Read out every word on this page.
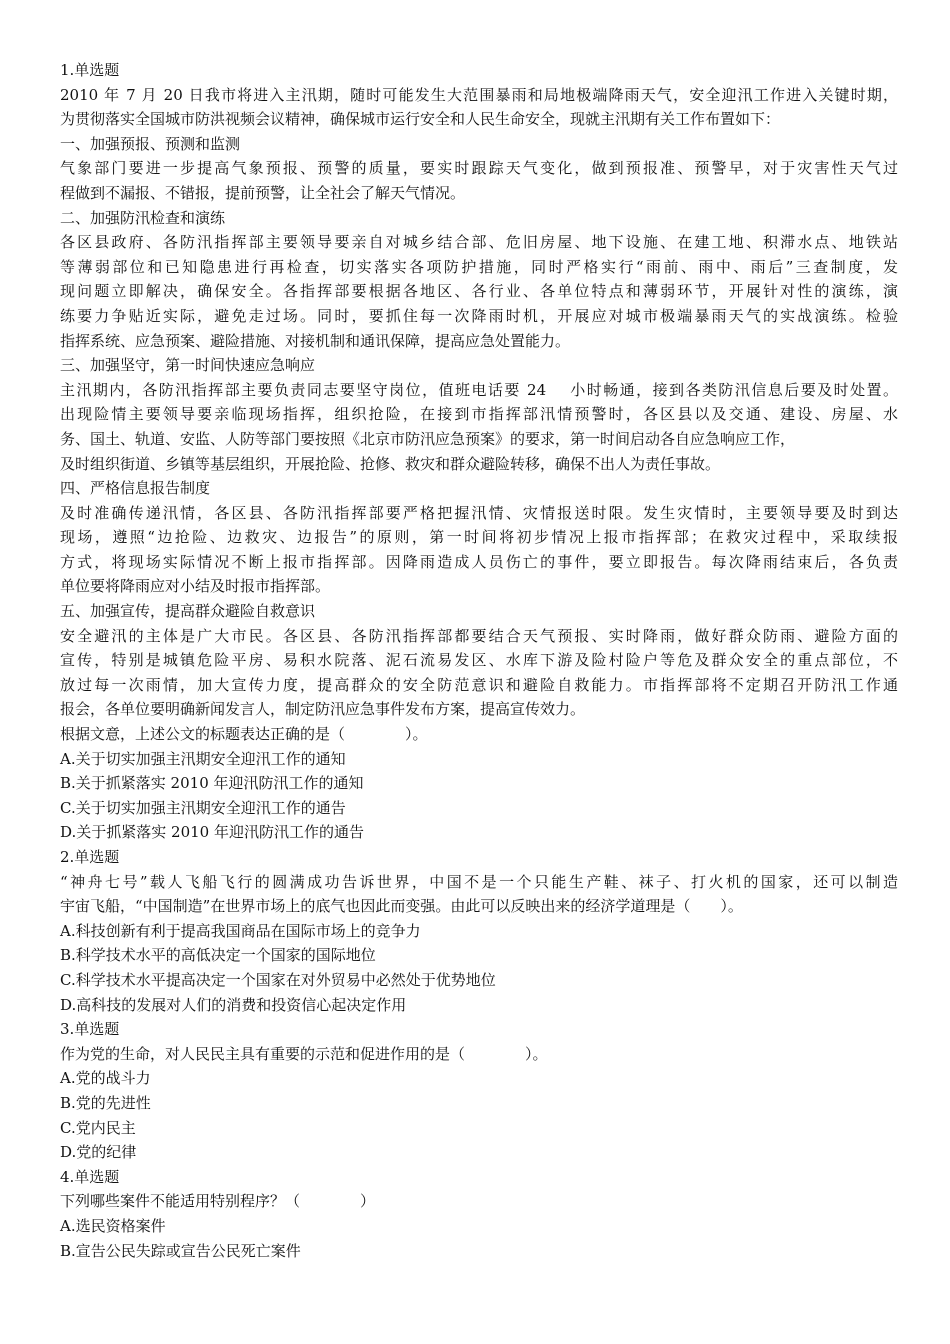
1.单选题
2010 年 7 月 20 日我市将进入主汛期，随时可能发生大范围暴雨和局地极端降雨天气，安全迎汛工作进入关键时期，
为贯彻落实全国城市防洪视频会议精神，确保城市运行安全和人民生命安全，现就主汛期有关工作布置如下：
一、加强预报、预测和监测
气象部门要进一步提高气象预报、预警的质量，要实时跟踪天气变化，做到预报准、预警早，对于灾害性天气过
程做到不漏报、不错报，提前预警，让全社会了解天气情况。
二、加强防汛检查和演练
各区县政府、各防汛指挥部主要领导要亲自对城乡结合部、危旧房屋、地下设施、在建工地、积滞水点、地铁站
等薄弱部位和已知隐患进行再检查，切实落实各项防护措施，同时严格实行“雨前、雨中、雨后”三查制度，发
现问题立即解决，确保安全。各指挥部要根据各地区、各行业、各单位特点和薄弱环节，开展针对性的演练，演
练要力争贴近实际，避免走过场。同时，要抓住每一次降雨时机，开展应对城市极端暴雨天气的实战演练。检验
指挥系统、应急预案、避险措施、对接机制和通讯保障，提高应急处置能力。
三、加强坚守，第一时间快速应急响应
主汛期内，各防汛指挥部主要负责同志要坚守岗位，值班电话要 24　 小时畅通，接到各类防汛信息后要及时处置。
出现险情主要领导要亲临现场指挥，组织抢险，在接到市指挥部汛情预警时，各区县以及交通、建设、房屋、水
务、国土、轨道、安监、人防等部门要按照《北京市防汛应急预案》的要求，第一时间启动各自应急响应工作，
及时组织街道、乡镇等基层组织，开展抢险、抢修、救灾和群众避险转移，确保不出人为责任事故。
四、严格信息报告制度
及时准确传递汛情，各区县、各防汛指挥部要严格把握汛情、灾情报送时限。发生灾情时，主要领导要及时到达
现场，遵照“边抢险、边救灾、边报告”的原则，第一时间将初步情况上报市指挥部；在救灾过程中，采取续报
方式，将现场实际情况不断上报市指挥部。因降雨造成人员伤亡的事件，要立即报告。每次降雨结束后，各负责
单位要将降雨应对小结及时报市指挥部。
五、加强宣传，提高群众避险自救意识
安全避汛的主体是广大市民。各区县、各防汛指挥部都要结合天气预报、实时降雨，做好群众防雨、避险方面的
宣传，特别是城镇危险平房、易积水院落、泥石流易发区、水库下游及险村险户等危及群众安全的重点部位，不
放过每一次雨情，加大宣传力度，提高群众的安全防范意识和避险自救能力。市指挥部将不定期召开防汛工作通
报会，各单位要明确新闻发言人，制定防汛应急事件发布方案，提高宣传效力。
根据文意，上述公文的标题表达正确的是（　　　　）。
A.关于切实加强主汛期安全迎汛工作的通知
B.关于抓紧落实 2010 年迎汛防汛工作的通知
C.关于切实加强主汛期安全迎汛工作的通告
D.关于抓紧落实 2010 年迎汛防汛工作的通告
2.单选题
“神舟七号”载人飞船飞行的圆满成功告诉世界，中国不是一个只能生产鞋、袜子、打火机的国家，还可以制造
宇宙飞船，“中国制造”在世界市场上的底气也因此而变强。由此可以反映出来的经济学道理是（　　）。
A.科技创新有利于提高我国商品在国际市场上的竞争力
B.科学技术水平的高低决定一个国家的国际地位
C.科学技术水平提高决定一个国家在对外贸易中必然处于优势地位
D.高科技的发展对人们的消费和投资信心起决定作用
3.单选题
作为党的生命，对人民民主具有重要的示范和促进作用的是（　　　　）。
A.党的战斗力
B.党的先进性
C.党内民主
D.党的纪律
4.单选题
下列哪些案件不能适用特别程序？（　　　　）
A.选民资格案件
B.宣告公民失踪或宣告公民死亡案件
